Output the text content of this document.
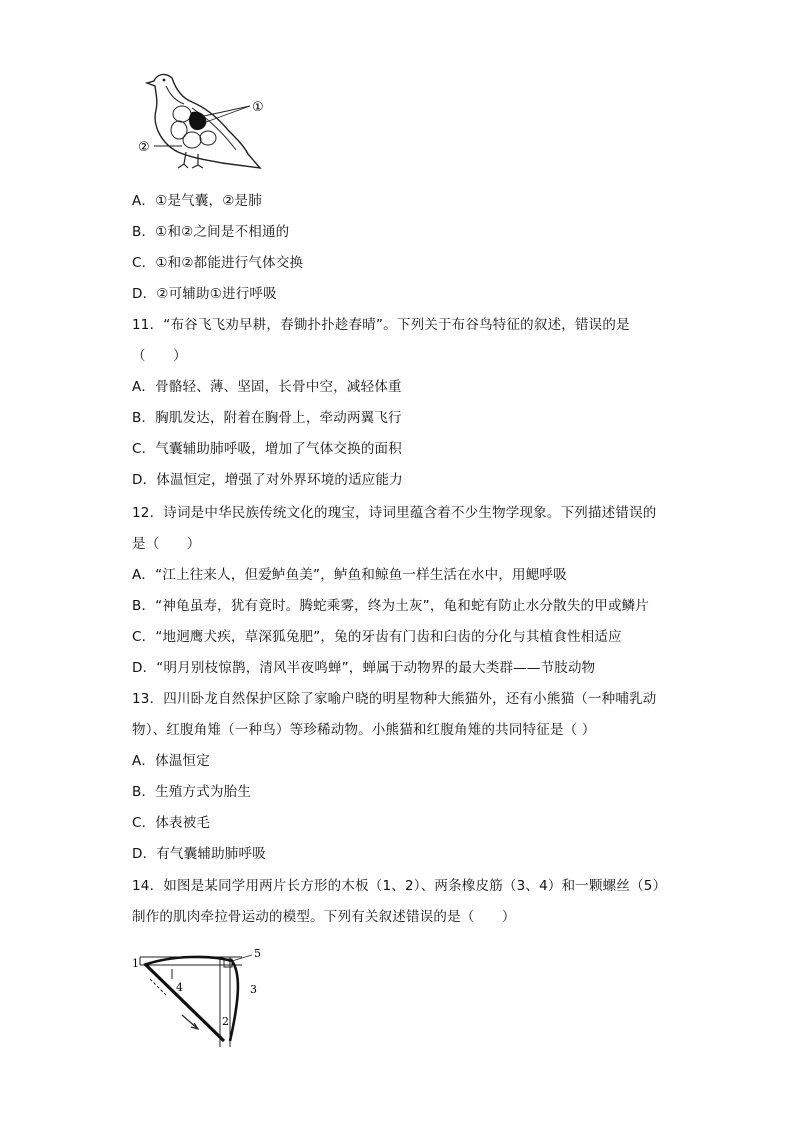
①
②
A．①是气囊，②是肺
B．①和②之间是不相通的
C．①和②都能进行气体交换
D．②可辅助①进行呼吸
11．“布谷飞飞劝早耕，春锄扑扑趁春晴”。下列关于布谷鸟特征的叙述，错误的是
（　　）
A．骨骼轻、薄、坚固，长骨中空，减轻体重
B．胸肌发达，附着在胸骨上，牵动两翼飞行
C．气囊辅助肺呼吸，增加了气体交换的面积
D．体温恒定，增强了对外界环境的适应能力
12．诗词是中华民族传统文化的瑰宝，诗词里蕴含着不少生物学现象。下列描述错误的
是（　　）
A．“江上往来人，但爱鲈鱼美”，鲈鱼和鲸鱼一样生活在水中，用鳃呼吸
B．“神龟虽寿，犹有竟时。腾蛇乘雾，终为土灰”，龟和蛇有防止水分散失的甲或鳞片
C．“地迥鹰犬疾，草深狐兔肥”，兔的牙齿有门齿和臼齿的分化与其植食性相适应
D．“明月别枝惊鹊，清风半夜鸣蝉”，蝉属于动物界的最大类群——节肢动物
13．四川卧龙自然保护区除了家喻户晓的明星物种大熊猫外，还有小熊猫（一种哺乳动
物）、红腹角雉（一种鸟）等珍稀动物。小熊猫和红腹角雉的共同特征是（ ）
A．体温恒定
B．生殖方式为胎生
C．体表被毛
D．有气囊辅助肺呼吸
14．如图是某同学用两片长方形的木板（1、2）、两条橡皮筋（3、4）和一颗螺丝（5）
制作的肌肉牵拉骨运动的模型。下列有关叙述错误的是（　　）
1
2
3
4
5
